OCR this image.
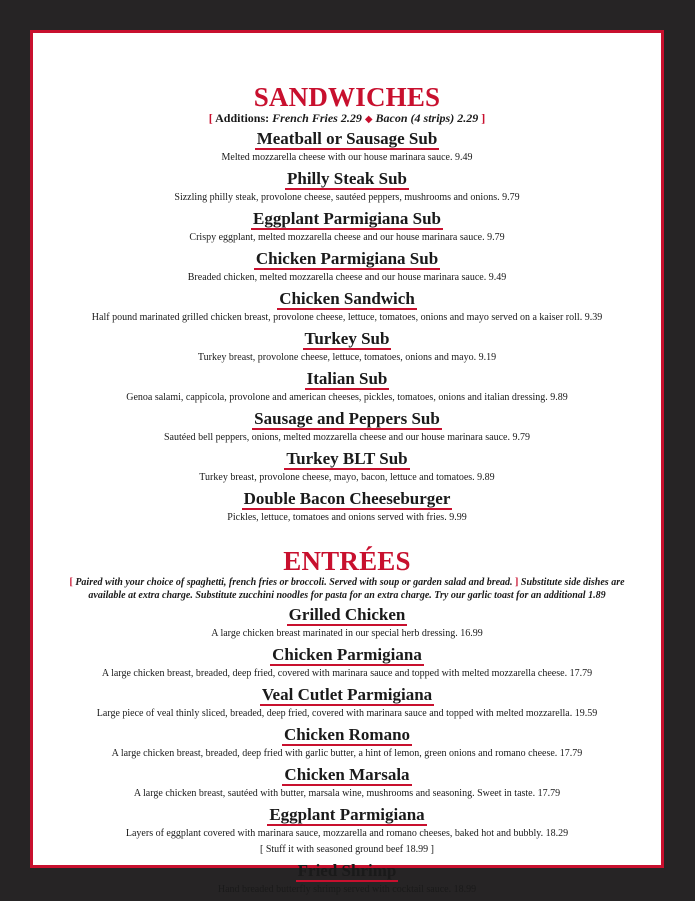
SANDWICHES

[ Additions: French Fries 2.29 ◆ Bacon (4 strips) 2.29 ]

Meatball or Sausage Sub

Melted mozzarella cheese with our house marinara sauce. 9.49

Philly Steak Sub

Sizzling philly steak, provolone cheese, sautéed peppers, mushrooms and onions. 9.79

Eggplant Parmigiana Sub

Crispy eggplant, melted mozzarella cheese and our house marinara sauce. 9.79

Chicken Parmigiana Sub

Breaded chicken, melted mozzarella cheese and our house marinara sauce. 9.49

Chicken Sandwich

Half pound marinated grilled chicken breast, provolone cheese, lettuce, tomatoes, onions and mayo served on a kaiser roll. 9.39

Turkey Sub

Turkey breast, provolone cheese, lettuce, tomatoes, onions and mayo. 9.19

Italian Sub

Genoa salami, cappicola, provolone and american cheeses, pickles, tomatoes, onions and italian dressing. 9.89

Sausage and Peppers Sub

Sautéed bell peppers, onions, melted mozzarella cheese and our house marinara sauce. 9.79

Turkey BLT Sub

Turkey breast, provolone cheese, mayo, bacon, lettuce and tomatoes. 9.89

Double Bacon Cheeseburger

Pickles, lettuce, tomatoes and onions served with fries. 9.99

ENTRÉES

[ Paired with your choice of spaghetti, french fries or broccoli. Served with soup or garden salad and bread. ] Substitute side dishes are available at extra charge. Substitute zucchini noodles for pasta for an extra charge. Try our garlic toast for an additional 1.89

Grilled Chicken

A large chicken breast marinated in our special herb dressing. 16.99

Chicken Parmigiana

A large chicken breast, breaded, deep fried, covered with marinara sauce and topped with melted mozzarella cheese. 17.79

Veal Cutlet Parmigiana

Large piece of veal thinly sliced, breaded, deep fried, covered with marinara sauce and topped with melted mozzarella. 19.59

Chicken Romano

A large chicken breast, breaded, deep fried with garlic butter, a hint of lemon, green onions and romano cheese. 17.79

Chicken Marsala

A large chicken breast, sautéed with butter, marsala wine, mushrooms and seasoning. Sweet in taste. 17.79

Eggplant Parmigiana

Layers of eggplant covered with marinara sauce, mozzarella and romano cheeses, baked hot and bubbly. 18.29

[ Stuff it with seasoned ground beef 18.99 ]

Fried Shrimp

Hand breaded butterfly shrimp served with cocktail sauce. 18.99
